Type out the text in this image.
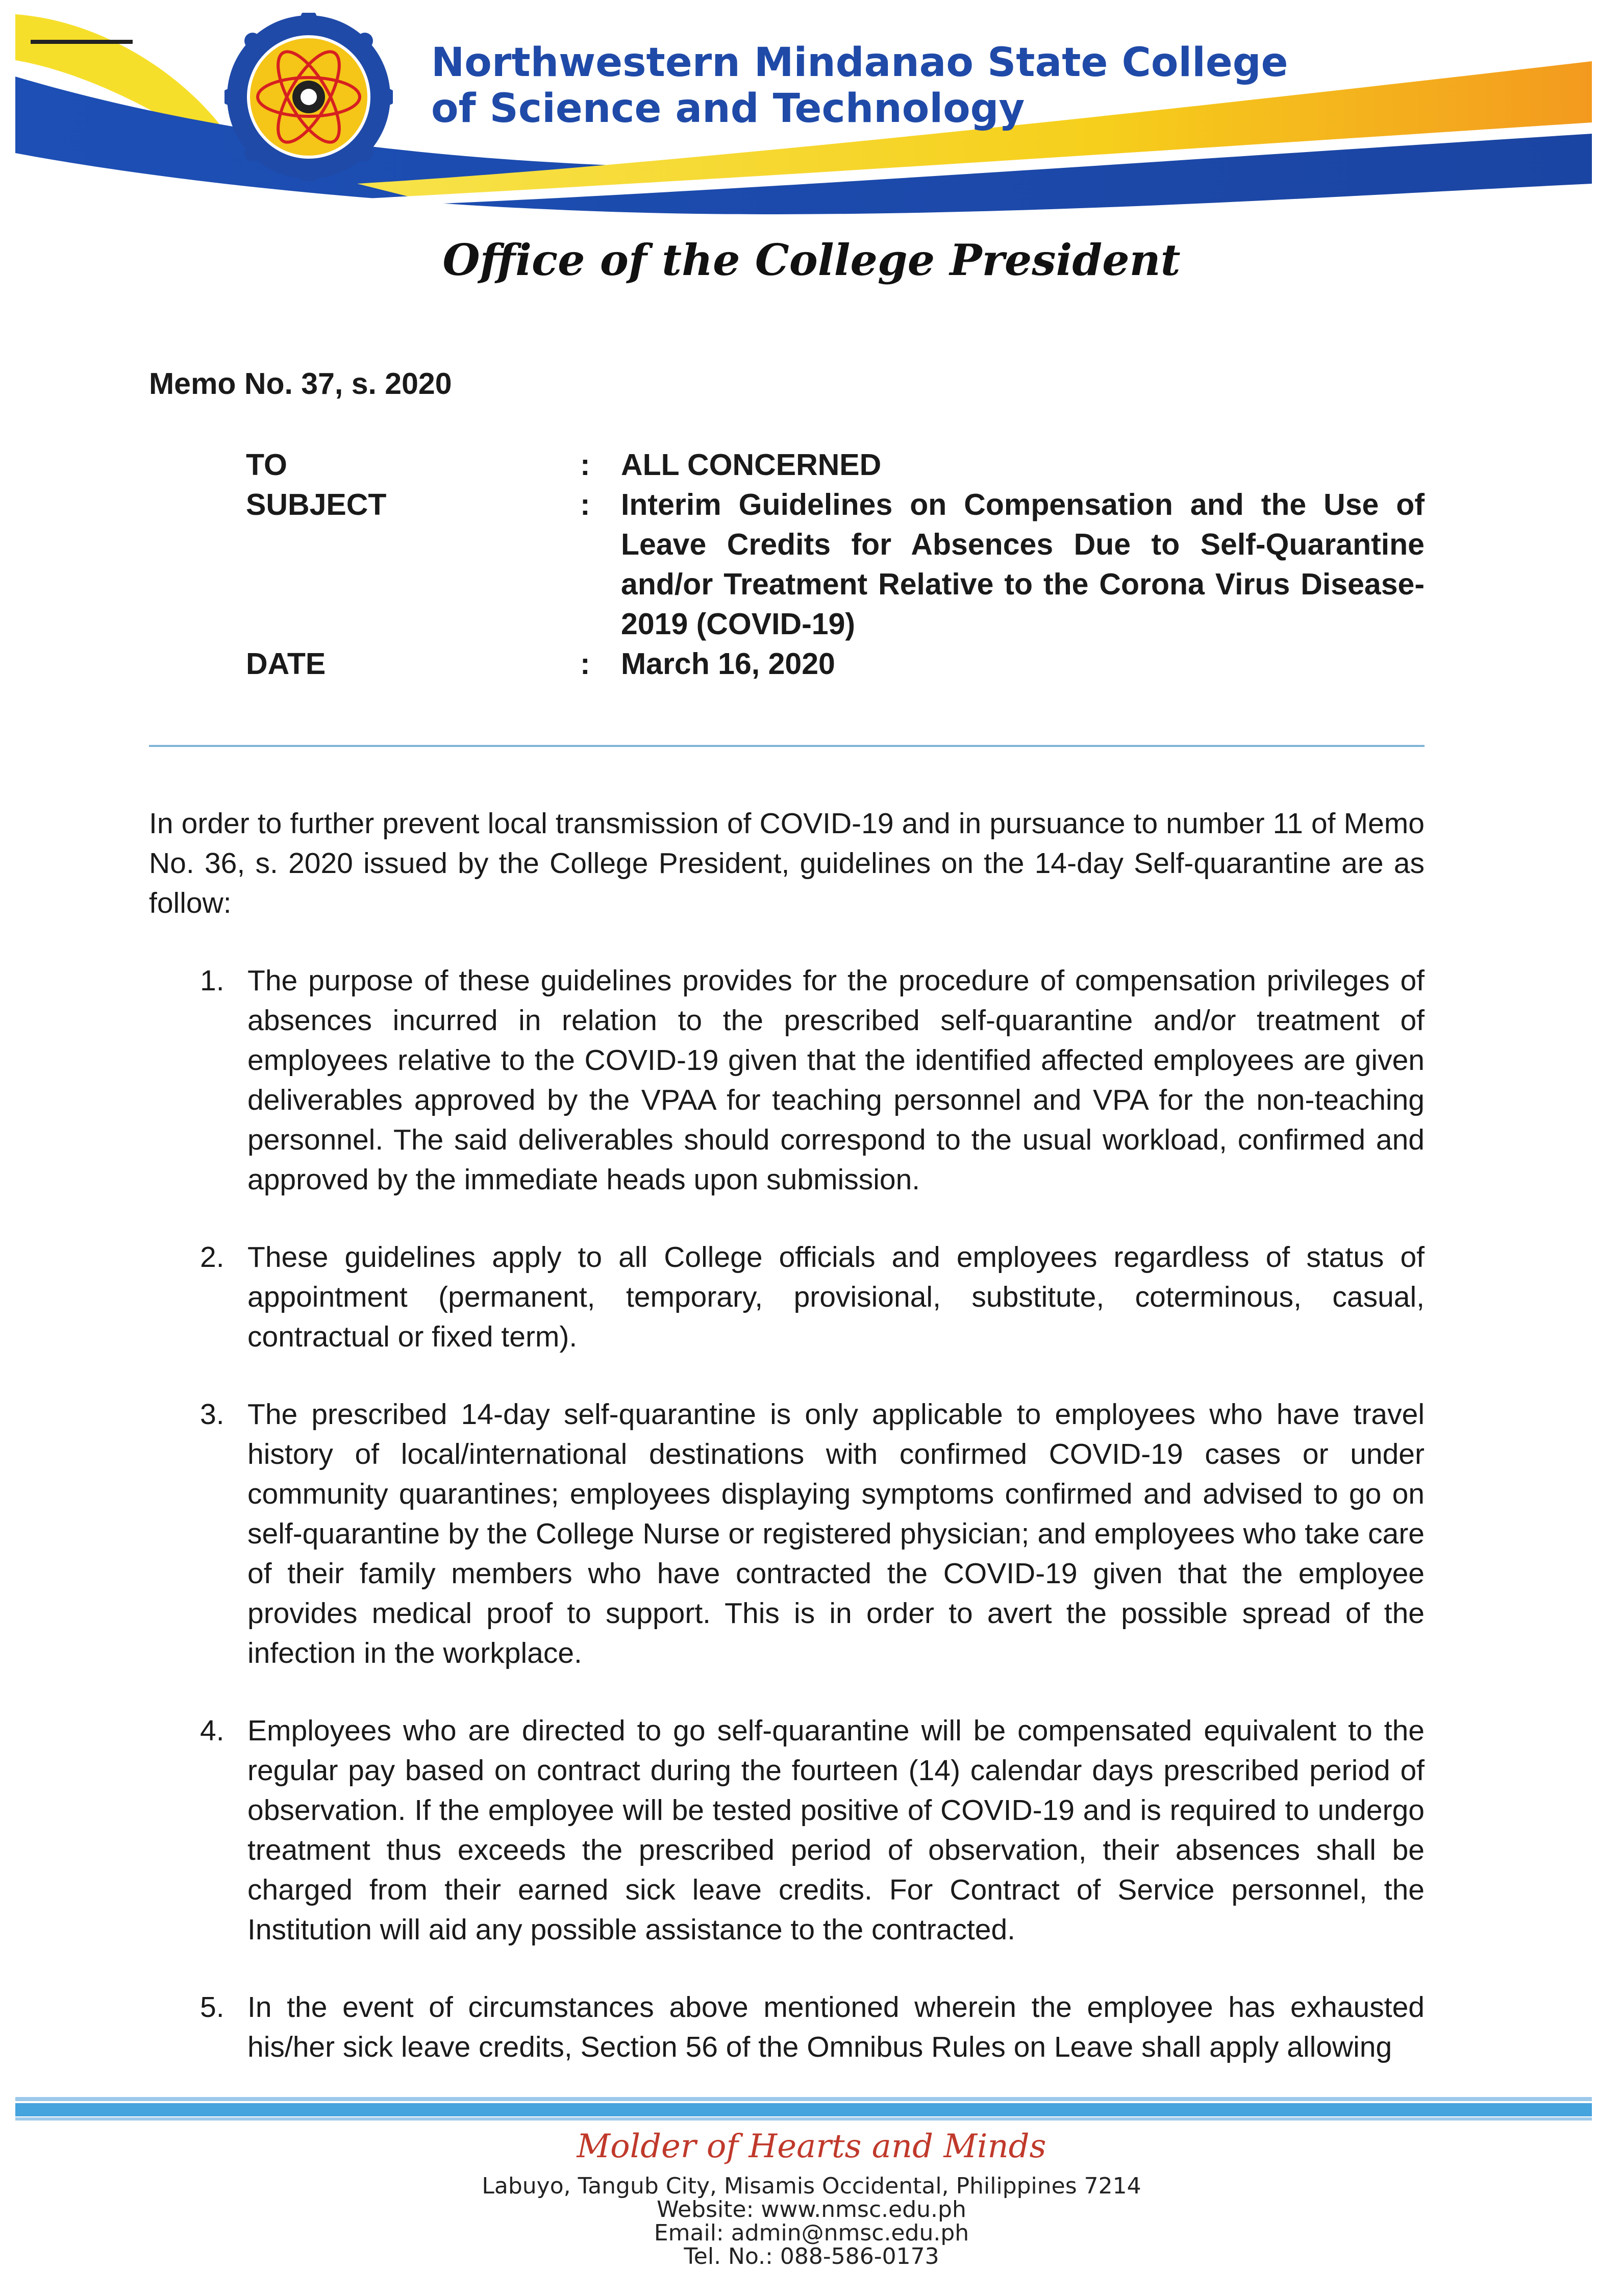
Northwestern Mindanao State College
of Science and Technology
Office of the College President
Memo No. 37, s. 2020
TO	: ALL CONCERNED
SUBJECT	: Interim Guidelines on Compensation and the Use of Leave Credits for Absences Due to Self-Quarantine and/or Treatment Relative to the Corona Virus Disease-2019 (COVID-19)
DATE	: March 16, 2020

In order to further prevent local transmission of COVID-19 and in pursuance to number 11 of Memo No. 36, s. 2020 issued by the College President, guidelines on the 14-day Self-quarantine are as follow:

1. The purpose of these guidelines provides for the procedure of compensation privileges of absences incurred in relation to the prescribed self-quarantine and/or treatment of employees relative to the COVID-19 given that the identified affected employees are given deliverables approved by the VPAA for teaching personnel and VPA for the non-teaching personnel. The said deliverables should correspond to the usual workload, confirmed and approved by the immediate heads upon submission.
2. These guidelines apply to all College officials and employees regardless of status of appointment (permanent, temporary, provisional, substitute, coterminous, casual, contractual or fixed term).
3. The prescribed 14-day self-quarantine is only applicable to employees who have travel history of local/international destinations with confirmed COVID-19 cases or under community quarantines; employees displaying symptoms confirmed and advised to go on self-quarantine by the College Nurse or registered physician; and employees who take care of their family members who have contracted the COVID-19 given that the employee provides medical proof to support. This is in order to avert the possible spread of the infection in the workplace.
4. Employees who are directed to go self-quarantine will be compensated equivalent to the regular pay based on contract during the fourteen (14) calendar days prescribed period of observation. If the employee will be tested positive of COVID-19 and is required to undergo treatment thus exceeds the prescribed period of observation, their absences shall be charged from their earned sick leave credits. For Contract of Service personnel, the Institution will aid any possible assistance to the contracted.
5. In the event of circumstances above mentioned wherein the employee has exhausted his/her sick leave credits, Section 56 of the Omnibus Rules on Leave shall apply allowing
Molder of Hearts and Minds
Labuyo, Tangub City, Misamis Occidental, Philippines 7214
Website: www.nmsc.edu.ph
Email: admin@nmsc.edu.ph
Tel. No.: 088-586-0173
